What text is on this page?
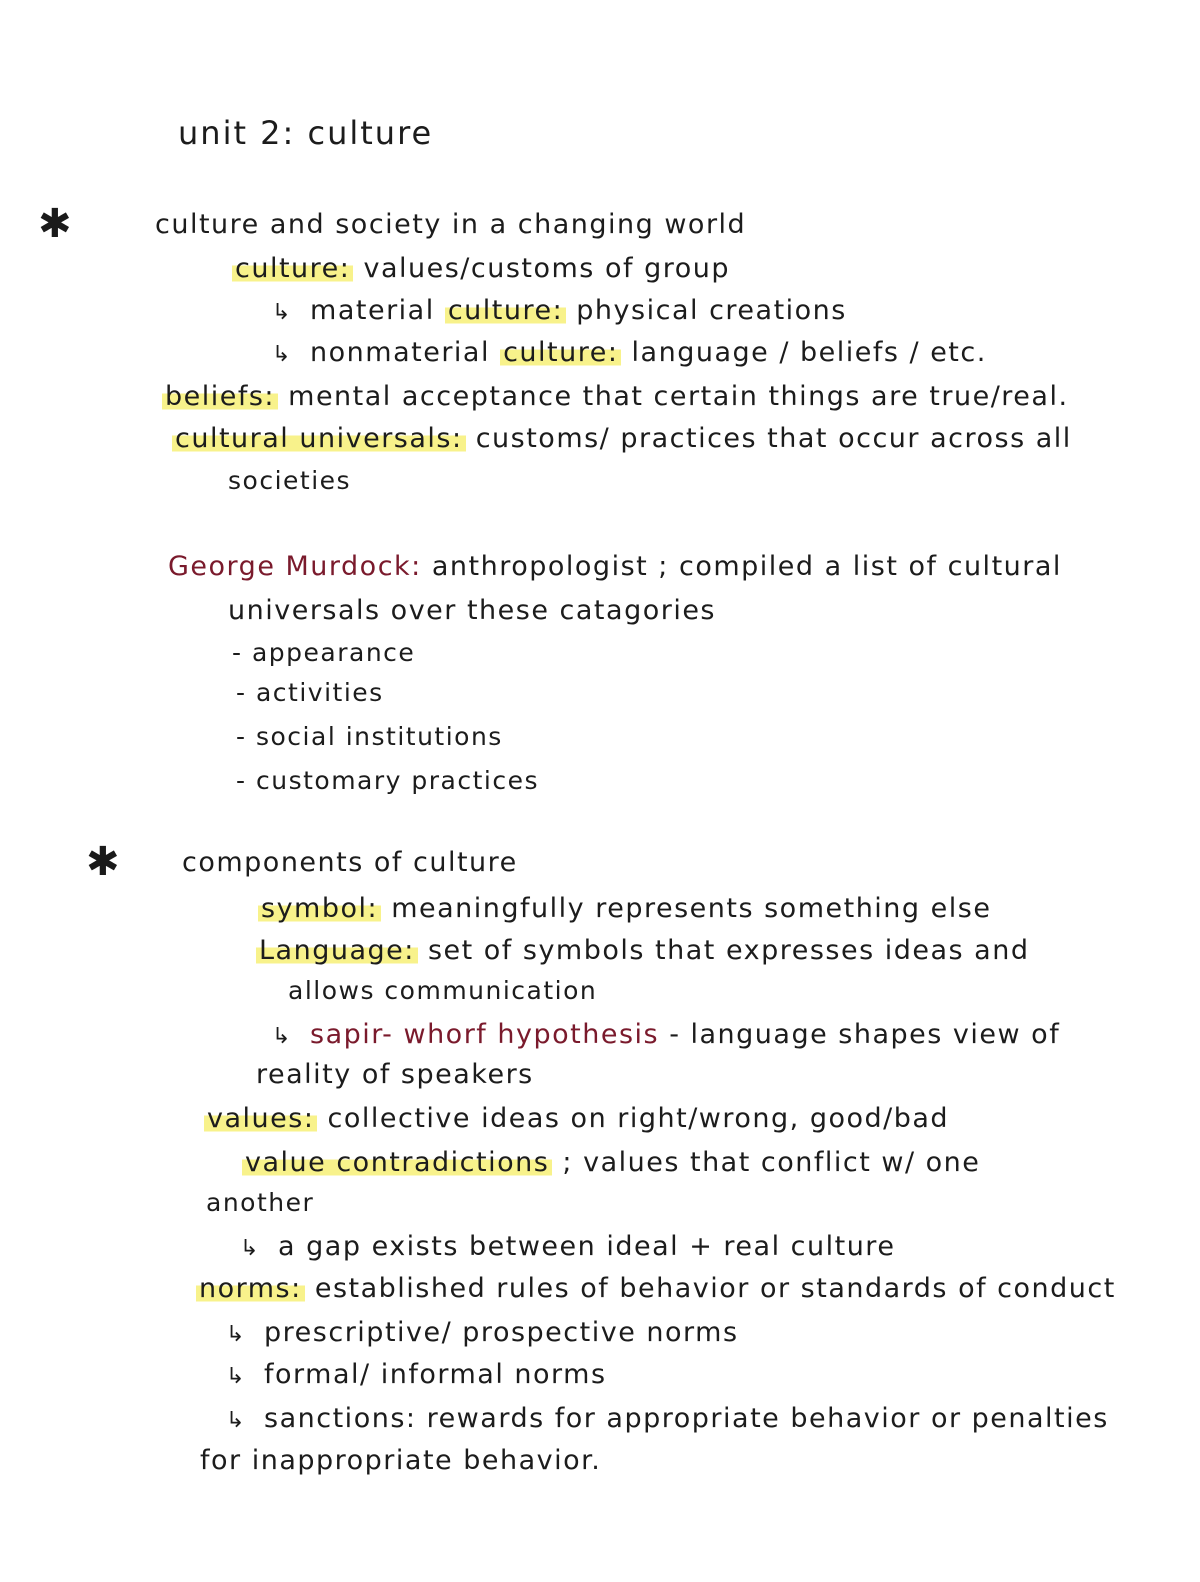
unit 2: culture
✱	culture and society in a changing world
culture: values/customs of group
↳ material culture: physical creations
↳ nonmaterial culture: language / beliefs / etc.
beliefs: mental acceptance that certain things are true/real.
cultural universals: customs/ practices that occur across all
societies
George Murdock: anthropologist ; compiled a list of cultural
universals over these catagories
- appearance
- activities
- social institutions
- customary practices
✱ components of culture
symbol: meaningfully represents something else
Language: set of symbols that expresses ideas and
allows communication
↳ sapir- whorf hypothesis - language shapes view of
reality of speakers
values: collective ideas on right/wrong, good/bad
value contradictions ; values that conflict w/ one
another
↳ a gap exists between ideal + real culture
norms: established rules of behavior or standards of conduct
↳ prescriptive/ prospective norms
↳ formal/ informal norms
↳ sanctions: rewards for appropriate behavior or penalties
for inappropriate behavior.
